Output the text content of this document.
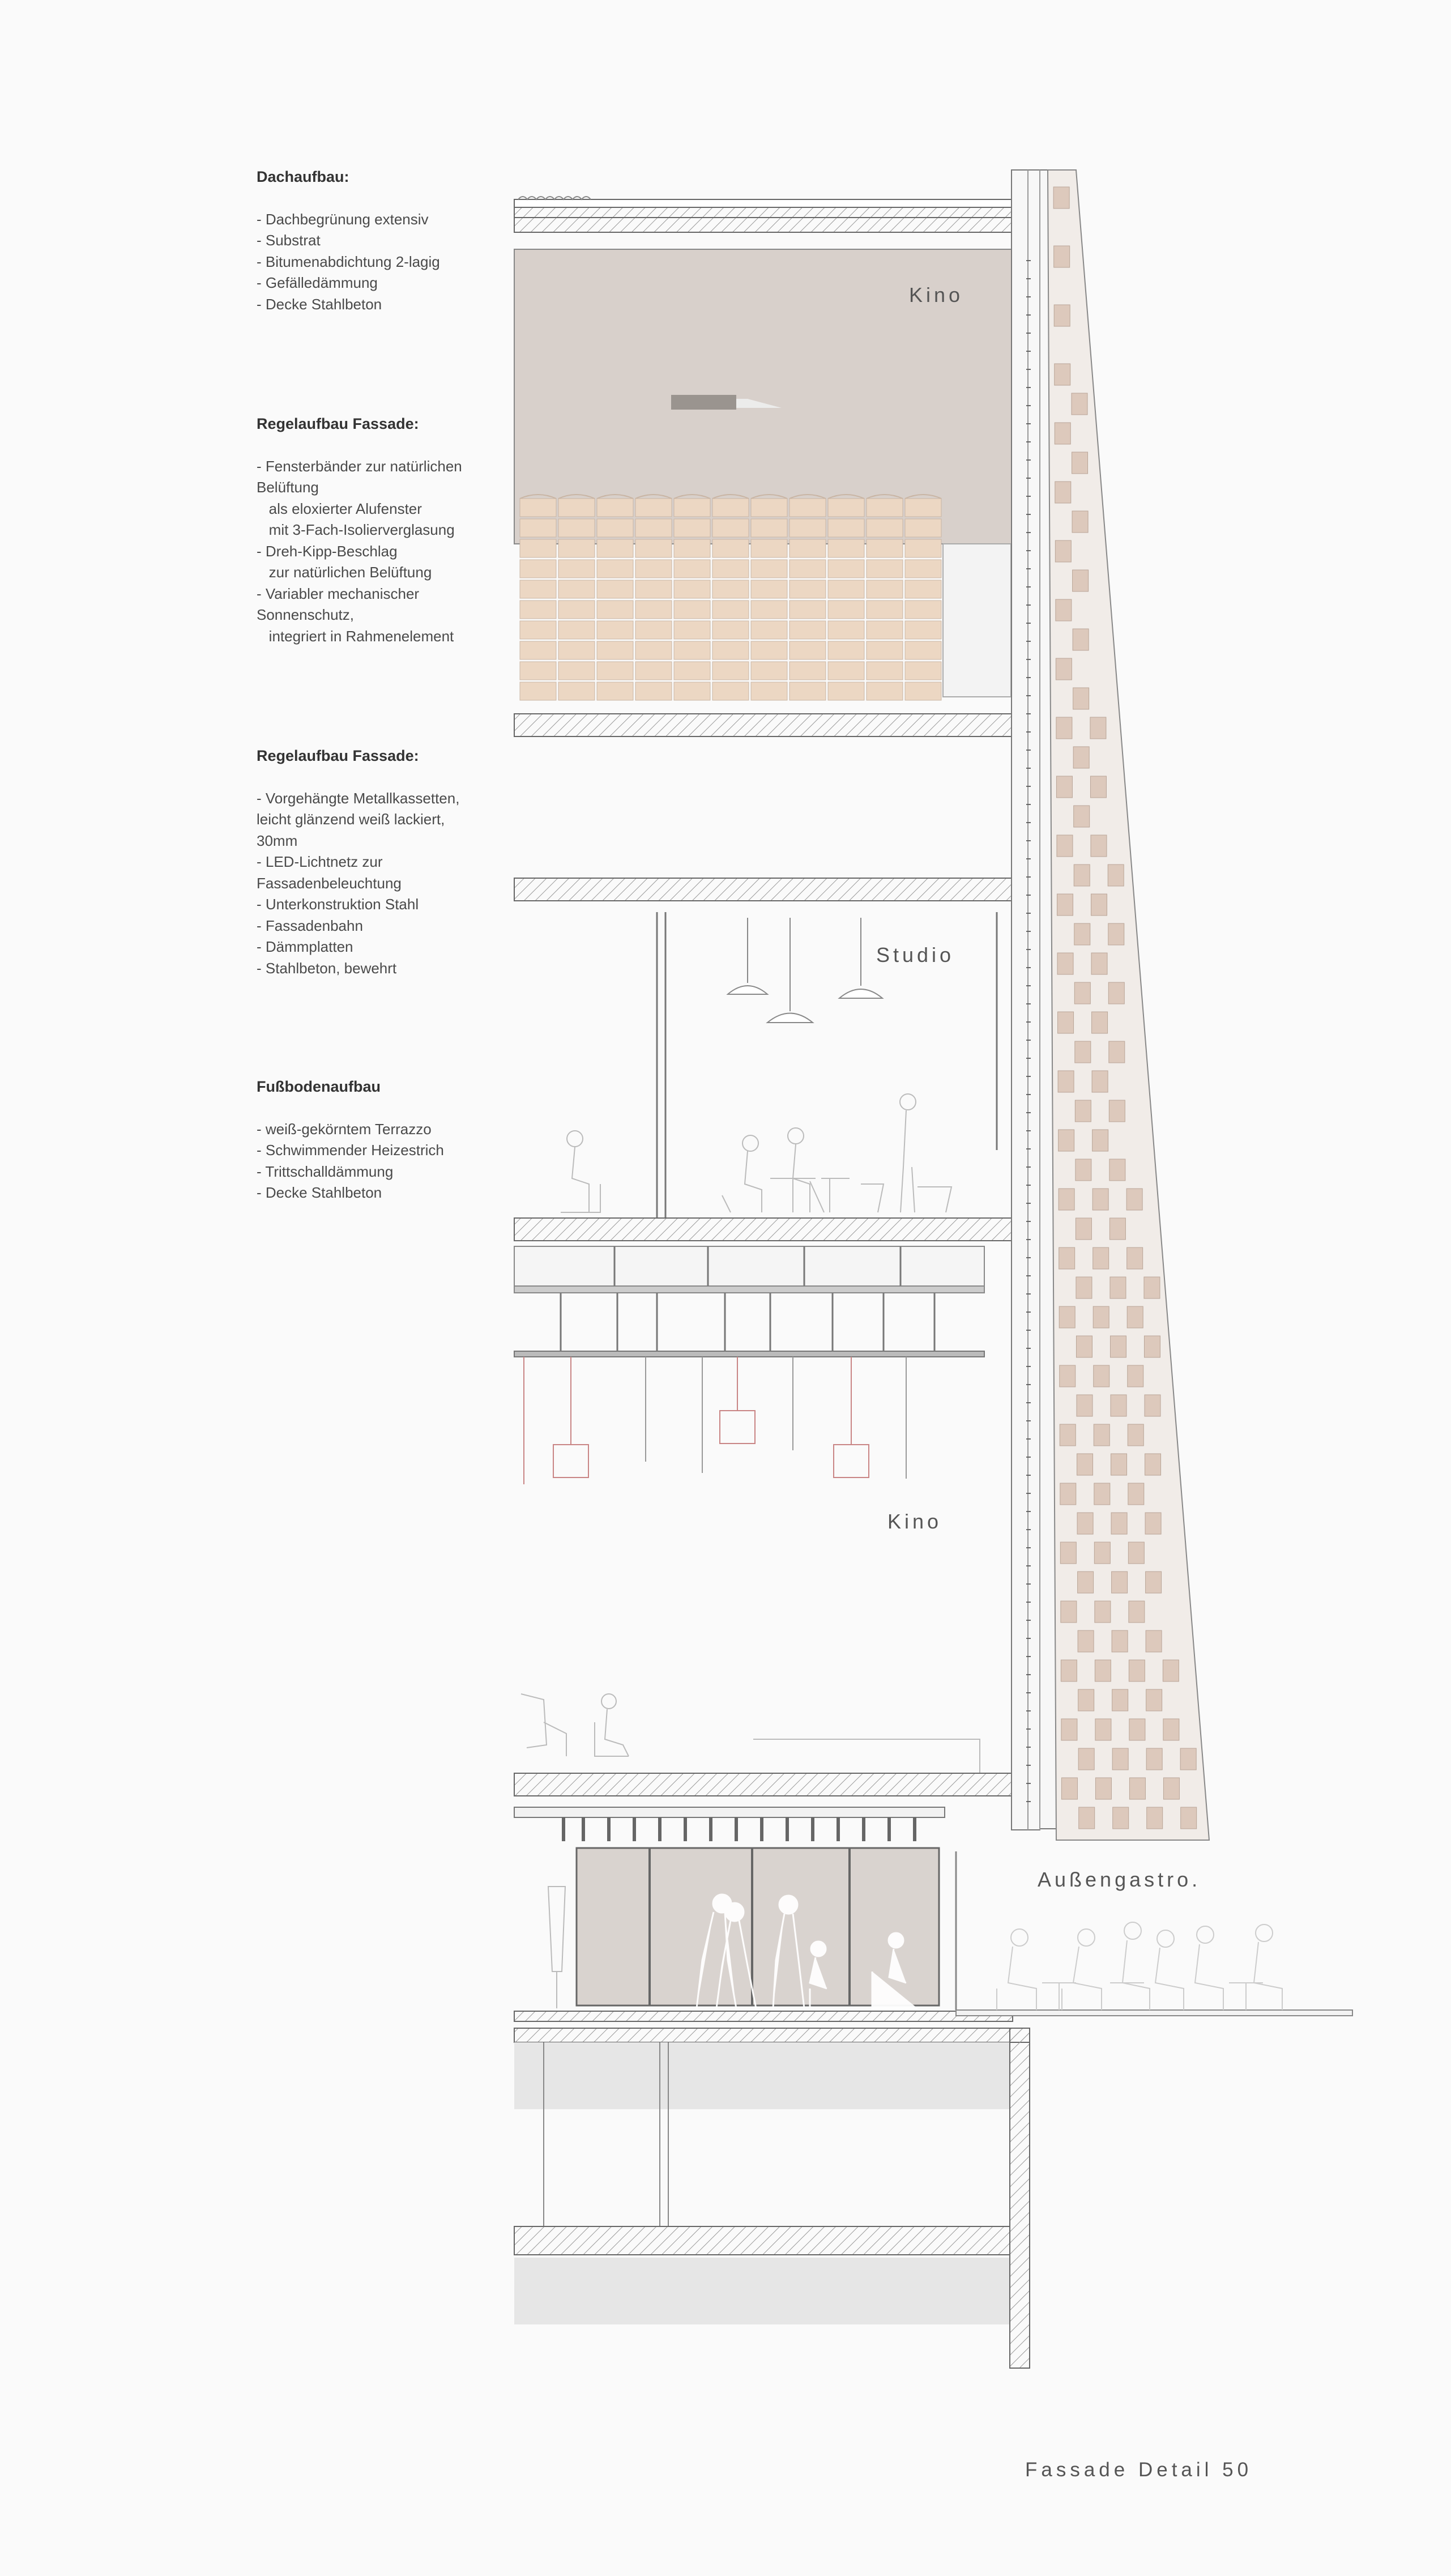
Dachaufbau:
- Dachbegrünung extensiv
- Substrat
- Bitumenabdichtung 2-lagig
- Gefälledämmung
- Decke Stahlbeton
Regelaufbau Fassade:
- Fensterbänder zur natürlichen
Belüftung
als eloxierter Alufenster
mit 3-Fach-Isolierverglasung
- Dreh-Kipp-Beschlag
zur natürlichen Belüftung
- Variabler mechanischer
Sonnenschutz,
integriert in Rahmenelement
Regelaufbau Fassade:
- Vorgehängte Metallkassetten,
leicht glänzend weiß lackiert,
30mm
- LED-Lichtnetz zur
Fassadenbeleuchtung
- Unterkonstruktion Stahl
- Fassadenbahn
- Dämmplatten
- Stahlbeton, bewehrt
Fußbodenaufbau
- weiß-gekörntem Terrazzo
- Schwimmender Heizestrich
- Trittschalldämmung
- Decke Stahlbeton
Kino
Studio
Kino
Außengastro.
Fassade Detail 50
